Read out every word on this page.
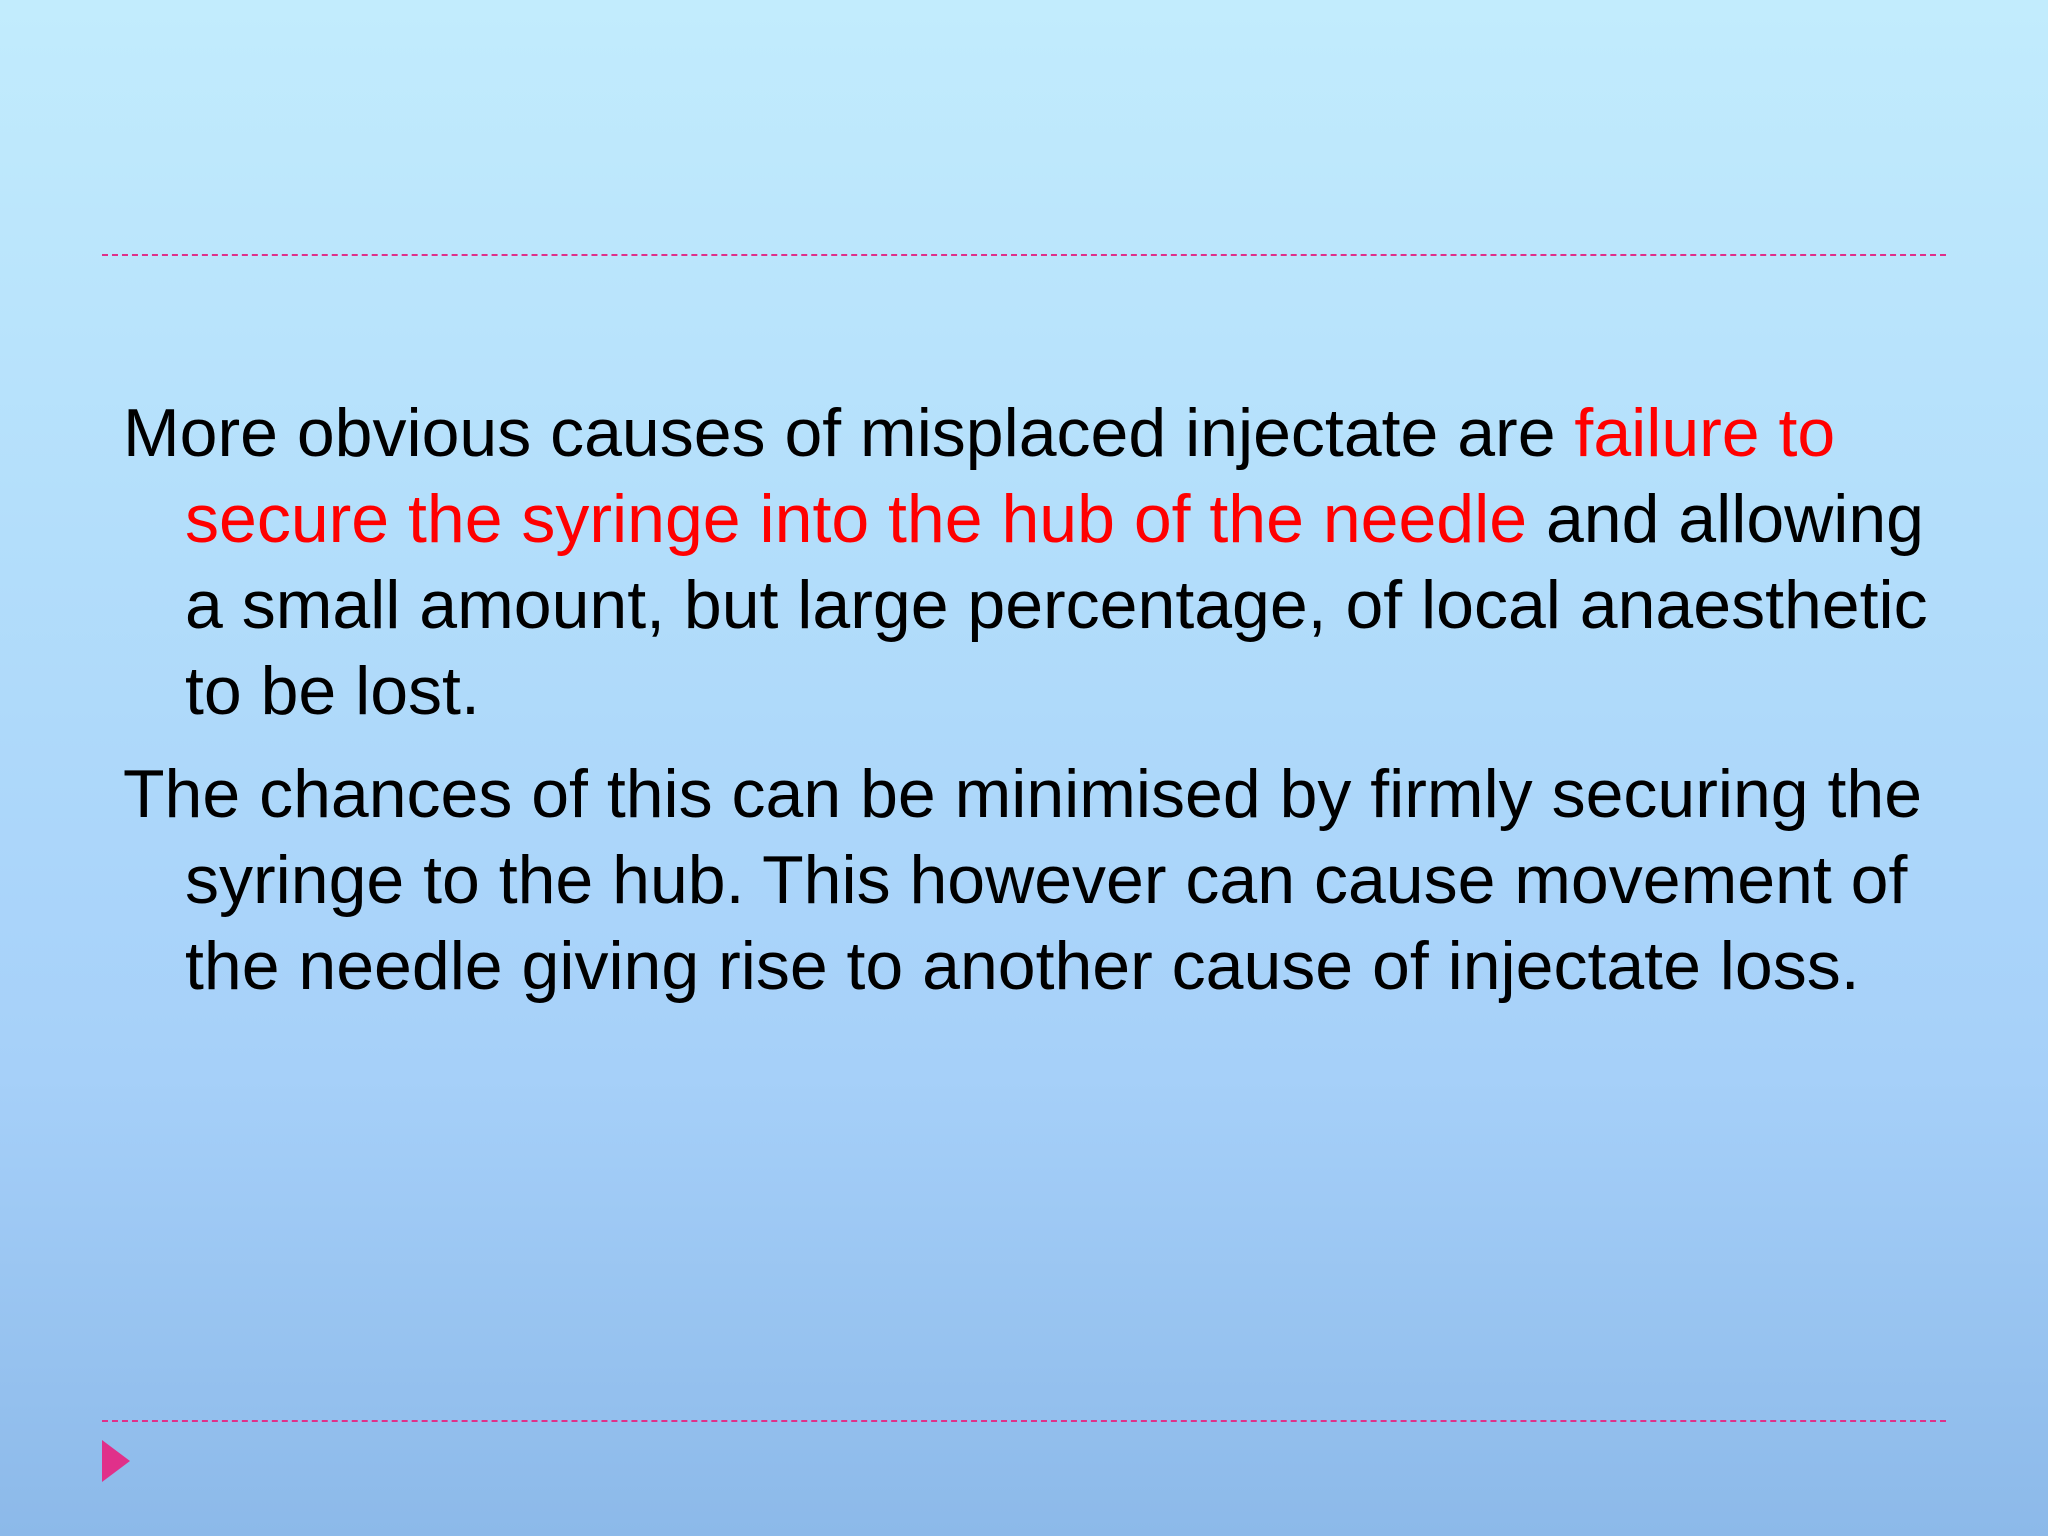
More obvious causes of misplaced injectate are failure to secure the syringe into the hub of the needle and allowing a small amount, but large percentage, of local anaesthetic to be lost.

The chances of this can be minimised by firmly securing the syringe to the hub. This however can cause movement of the needle giving rise to another cause of injectate loss.
